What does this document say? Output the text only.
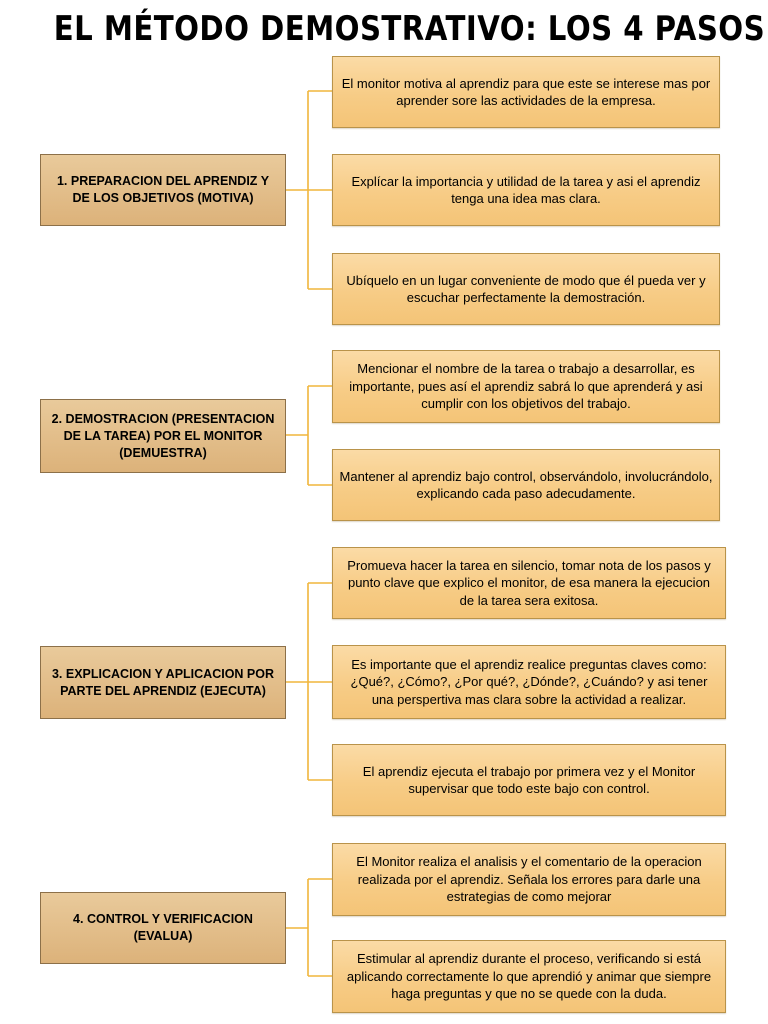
EL MÉTODO DEMOSTRATIVO: LOS 4 PASOS
1. PREPARACION DEL APRENDIZ Y DE LOS OBJETIVOS (MOTIVA)
2. DEMOSTRACION (PRESENTACION DE LA TAREA) POR EL MONITOR (DEMUESTRA)
3. EXPLICACION Y APLICACION POR PARTE DEL APRENDIZ (EJECUTA)
4. CONTROL Y VERIFICACION (EVALUA)
El monitor motiva al aprendiz para que este se interese mas por aprender sore las actividades de la empresa.
Explícar la importancia y utilidad de la tarea y asi el aprendiz tenga una idea mas clara.
Ubíquelo en un lugar conveniente de modo que él pueda ver y escuchar perfectamente la demostración.
Mencionar el nombre de la tarea o trabajo a desarrollar, es importante, pues así el aprendiz sabrá lo que aprenderá y asi cumplir con los objetivos del trabajo.
Mantener al aprendiz bajo control, observándolo, involucrándolo, explicando cada paso adecudamente.
Promueva hacer la tarea en silencio, tomar nota de los pasos y punto clave que explico el monitor, de esa manera la ejecucion de la tarea sera exitosa.
Es importante que el aprendiz realice preguntas claves como: ¿Qué?, ¿Cómo?, ¿Por qué?, ¿Dónde?, ¿Cuándo? y asi tener una perspertiva mas clara sobre la actividad a realizar.
El aprendiz ejecuta el trabajo por primera vez y el Monitor supervisar que todo este bajo con control.
El Monitor realiza el analisis y el comentario de la operacion realizada por el aprendiz. Señala los errores para darle una estrategias de como mejorar
Estimular al aprendiz durante el proceso, verificando si está aplicando correctamente lo que aprendió y animar que siempre haga preguntas y que no se quede con la duda.
